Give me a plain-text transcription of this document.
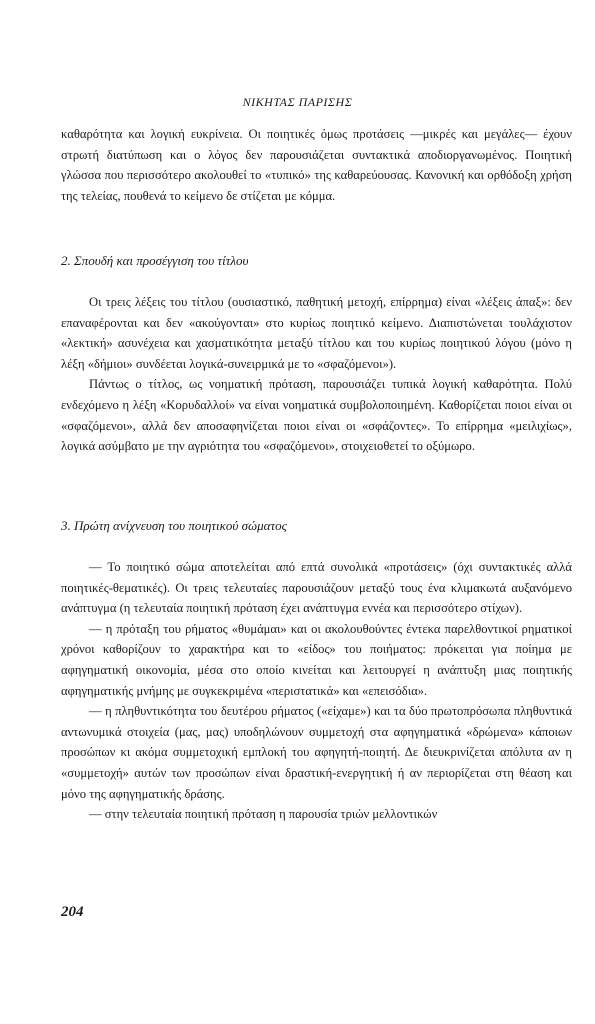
ΝΙΚΗΤΑΣ ΠΑΡΙΣΗΣ

καθαρότητα και λογική ευκρίνεια. Οι ποιητικές όμως προτάσεις —μικρές και μεγάλες— έχουν στρωτή διατύπωση και ο λόγος δεν παρουσιάζεται συντακτικά αποδιοργανωμένος. Ποιητική γλώσσα που περισσότερο ακολουθεί το «τυπικό» της καθαρεύουσας. Κανονική και ορθόδοξη χρήση της τελείας, πουθενά το κείμενο δε στίζεται με κόμμα.

2. Σπουδή και προσέγγιση του τίτλου

Οι τρεις λέξεις του τίτλου (ουσιαστικό, παθητική μετοχή, επίρρημα) είναι «λέξεις άπαξ»: δεν επαναφέρονται και δεν «ακούγονται» στο κυρίως ποιητικό κείμενο. Διαπιστώνεται τουλάχιστον «λεκτική» ασυνέχεια και χασματικότητα μεταξύ τίτλου και του κυρίως ποιητικού λόγου (μόνο η λέξη «δήμιοι» συνδέεται λογικά-συνειρμικά με το «σφαζόμενοι»).

Πάντως ο τίτλος, ως νοηματική πρόταση, παρουσιάζει τυπικά λογική καθαρότητα. Πολύ ενδεχόμενο η λέξη «Κορυδαλλοί» να είναι νοηματικά συμβολοποιημένη. Καθορίζεται ποιοι είναι οι «σφαζόμενοι», αλλά δεν αποσαφηνίζεται ποιοι είναι οι «σφάζοντες». Το επίρρημα «μειλιχίως», λογικά ασύμβατο με την αγριότητα του «σφαζόμενοι», στοιχειοθετεί το οξύμωρο.

3. Πρώτη ανίχνευση του ποιητικού σώματος

— Το ποιητικό σώμα αποτελείται από επτά συνολικά «προτάσεις» (όχι συντακτικές αλλά ποιητικές-θεματικές). Οι τρεις τελευταίες παρουσιάζουν μεταξύ τους ένα κλιμακωτά αυξανόμενο ανάπτυγμα (η τελευταία ποιητική πρόταση έχει ανάπτυγμα εννέα και περισσότερο στίχων).

— η πρόταξη του ρήματος «θυμάμαι» και οι ακολουθούντες έντεκα παρελθοντικοί ρηματικοί χρόνοι καθορίζουν το χαρακτήρα και το «είδος» του ποιήματος: πρόκειται για ποίημα με αφηγηματική οικονομία, μέσα στο οποίο κινείται και λειτουργεί η ανάπτυξη μιας ποιητικής αφηγηματικής μνήμης με συγκεκριμένα «περιστατικά» και «επεισόδια».

— η πληθυντικότητα του δευτέρου ρήματος («είχαμε») και τα δύο πρωτοπρόσωπα πληθυντικά αντωνυμικά στοιχεία (μας, μας) υποδηλώνουν συμμετοχή στα αφηγηματικά «δρώμενα» κάποιων προσώπων κι ακόμα συμμετοχική εμπλοκή του αφηγητή-ποιητή. Δε διευκρινίζεται απόλυτα αν η «συμμετοχή» αυτών των προσώπων είναι δραστική-ενεργητική ή αν περιορίζεται στη θέαση και μόνο της αφηγηματικής δράσης.

— στην τελευταία ποιητική πρόταση η παρουσία τριών μελλοντικών

204
